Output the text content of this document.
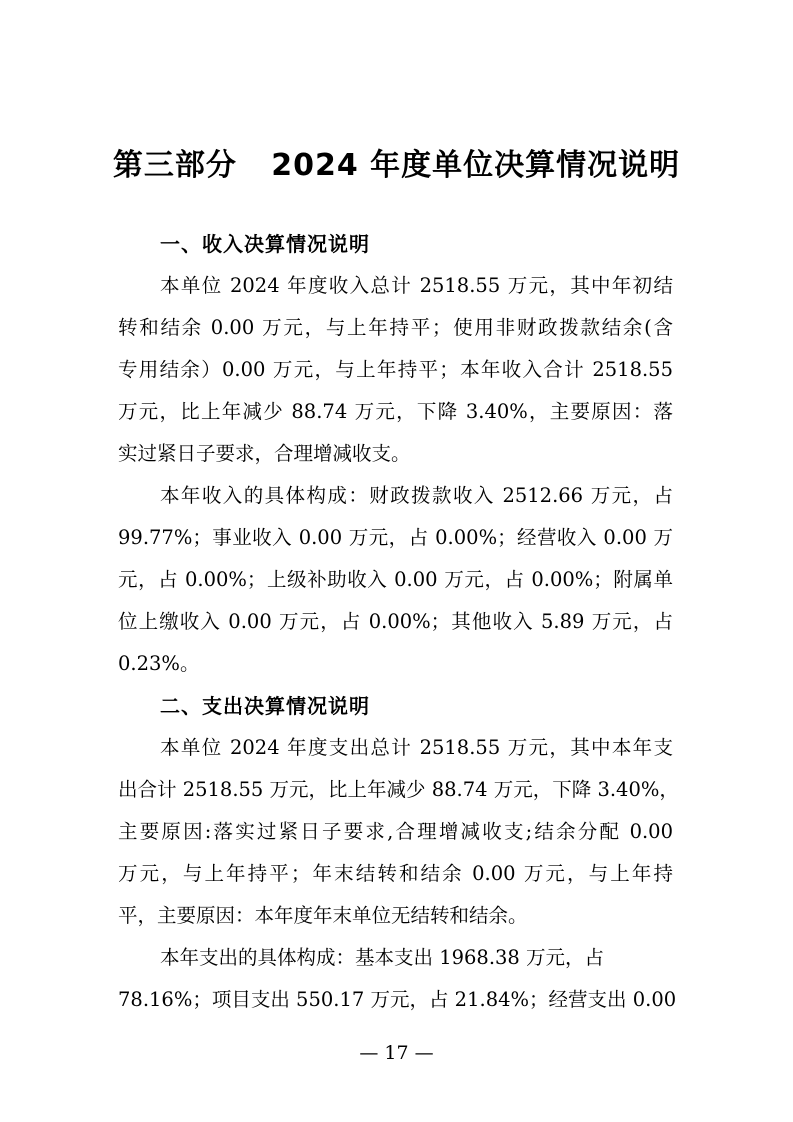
第三部分   2024 年度单位决算情况说明
一、收入决算情况说明
本单位 2024 年度收入总计 2518.55 万元，其中年初结
转和结余 0.00 万元，与上年持平；使用非财政拨款结余(含
专用结余）0.00 万元，与上年持平；本年收入合计 2518.55
万元，比上年减少 88.74 万元，下降 3.40%，主要原因：落
实过紧日子要求，合理增减收支。
本年收入的具体构成：财政拨款收入 2512.66 万元，占
99.77%；事业收入 0.00 万元，占 0.00%；经营收入 0.00 万
元，占 0.00%；上级补助收入 0.00 万元，占 0.00%；附属单
位上缴收入 0.00 万元，占 0.00%；其他收入 5.89 万元，占
0.23%。
二、支出决算情况说明
本单位 2024 年度支出总计 2518.55 万元，其中本年支
出合计 2518.55 万元，比上年减少 88.74 万元，下降 3.40%，
主要原因:落实过紧日子要求,合理增减收支;结余分配 0.00
万元，与上年持平；年末结转和结余 0.00 万元，与上年持
平，主要原因：本年度年末单位无结转和结余。
本年支出的具体构成：基本支出 1968.38 万元，占
78.16%；项目支出 550.17 万元，占 21.84%；经营支出 0.00
— 17 —
